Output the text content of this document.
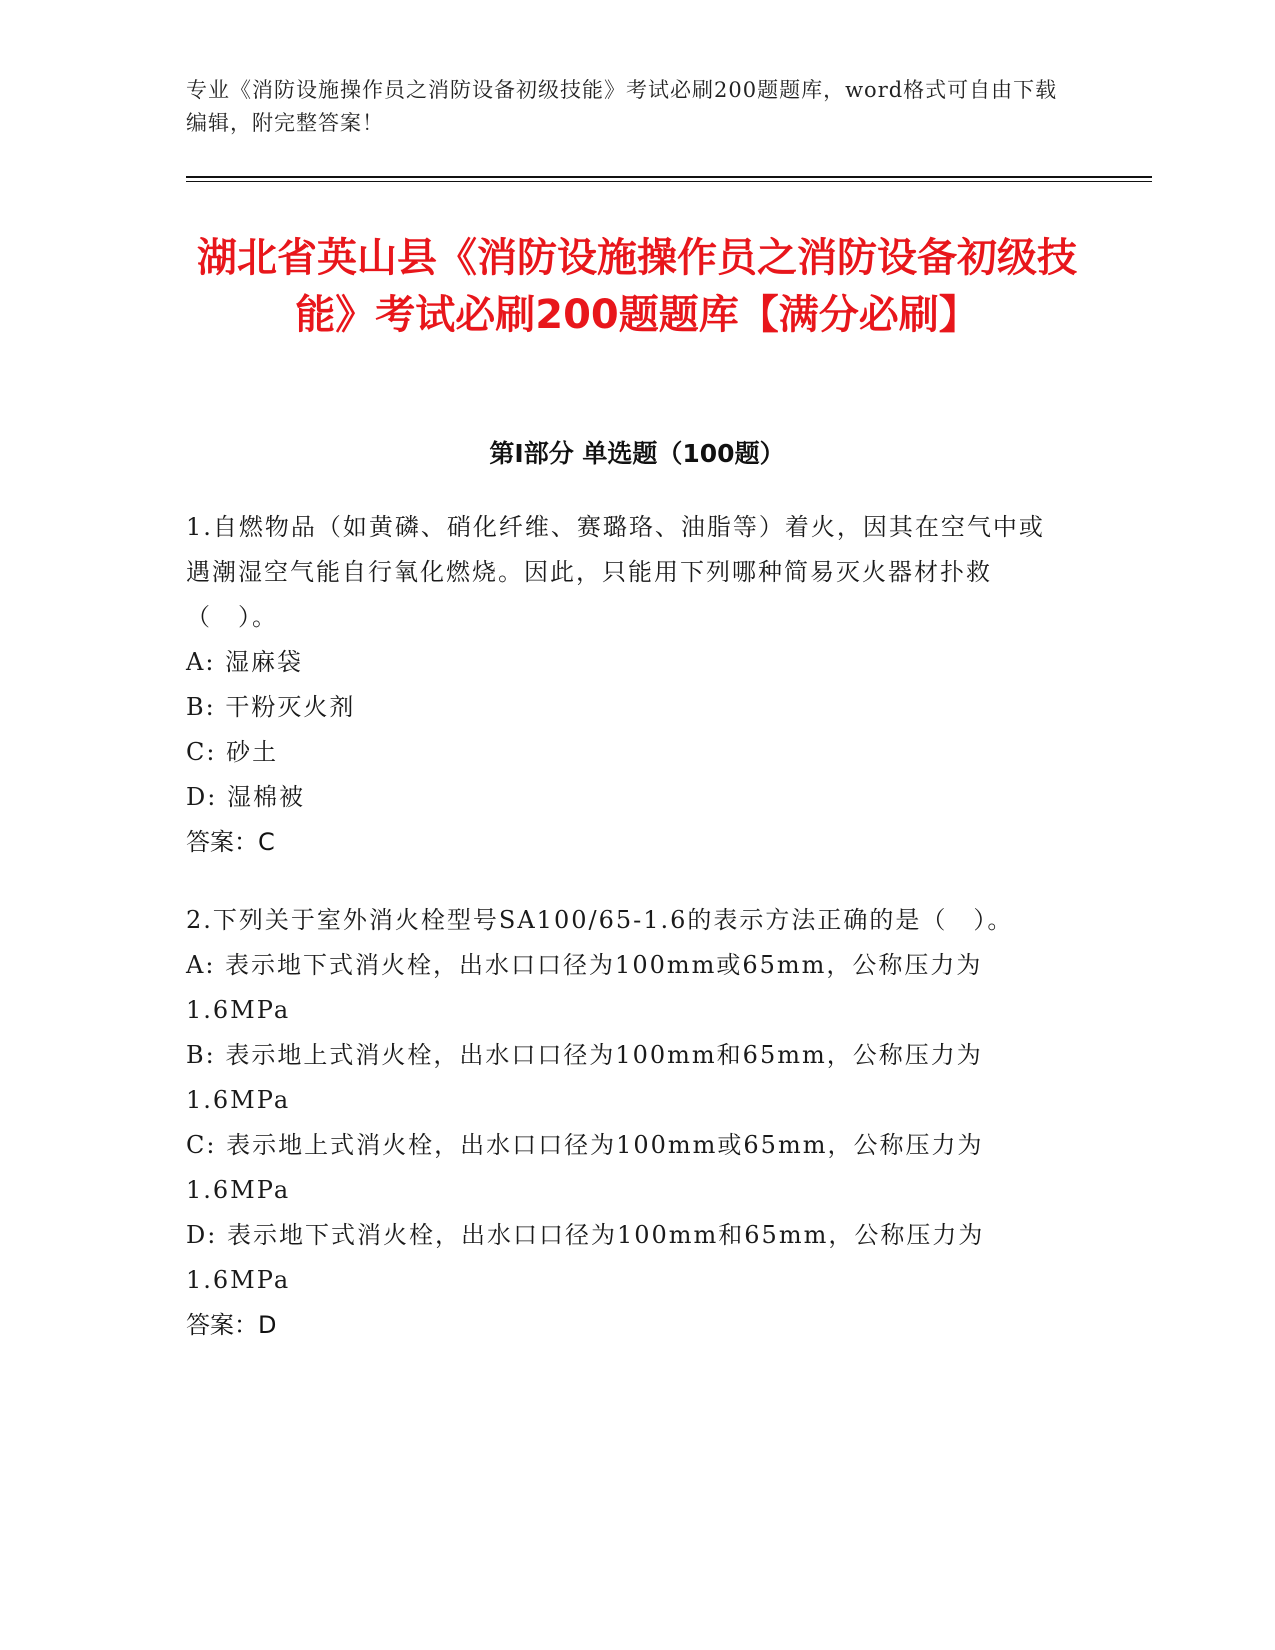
专业《消防设施操作员之消防设备初级技能》考试必刷200题题库，word格式可自由下载编辑，附完整答案！
湖北省英山县《消防设施操作员之消防设备初级技能》考试必刷200题题库【满分必刷】
第I部分 单选题（100题）
1.自燃物品（如黄磷、硝化纤维、赛璐珞、油脂等）着火，因其在空气中或遇潮湿空气能自行氧化燃烧。因此，只能用下列哪种简易灭火器材扑救（　）。
A: 湿麻袋
B: 干粉灭火剂
C: 砂土
D: 湿棉被
答案：C
2.下列关于室外消火栓型号SA100/65-1.6的表示方法正确的是（　）。
A: 表示地下式消火栓，出水口口径为100mm或65mm，公称压力为1.6MPa
B: 表示地上式消火栓，出水口口径为100mm和65mm，公称压力为1.6MPa
C: 表示地上式消火栓，出水口口径为100mm或65mm，公称压力为1.6MPa
D: 表示地下式消火栓，出水口口径为100mm和65mm，公称压力为1.6MPa
答案：D
